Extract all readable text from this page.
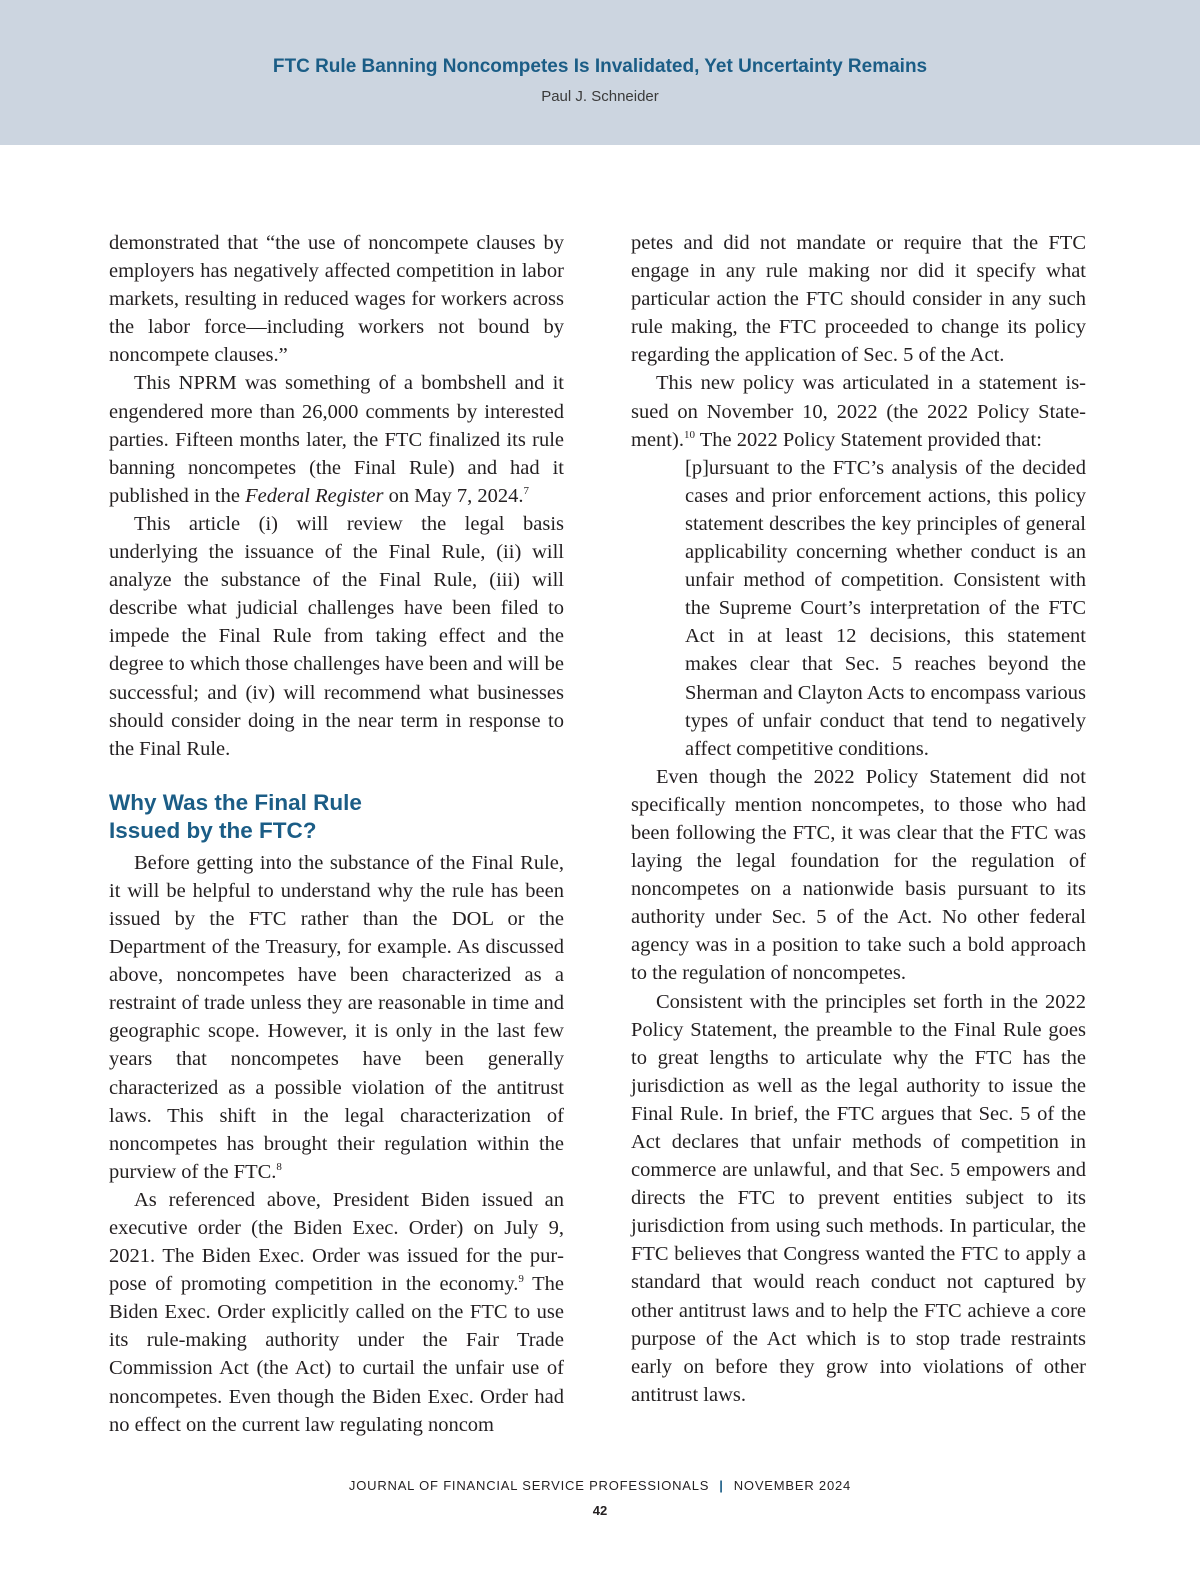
FTC Rule Banning Noncompetes Is Invalidated, Yet Uncertainty Remains
Paul J. Schneider

demonstrated that “the use of noncompete clauses by employers has negatively affected competition in labor markets, resulting in reduced wages for workers across the labor force—including workers not bound by noncompete clauses.”

This NPRM was something of a bombshell and it engendered more than 26,000 comments by interested parties. Fifteen months later, the FTC finalized its rule banning noncompetes (the Final Rule) and had it published in the Federal Register on May 7, 2024.$^7$

This article (i) will review the legal basis underlying the issuance of the Final Rule, (ii) will analyze the substance of the Final Rule, (iii) will describe what judicial challenges have been filed to impede the Final Rule from taking effect and the degree to which those challenges have been and will be successful; and (iv) will recommend what businesses should consider doing in the near term in response to the Final Rule.

Why Was the Final Rule
Issued by the FTC?

Before getting into the substance of the Final Rule, it will be helpful to understand why the rule has been issued by the FTC rather than the DOL or the Department of the Treasury, for example. As discussed above, noncompetes have been characterized as a restraint of trade unless they are reasonable in time and geographic scope. However, it is only in the last few years that noncompetes have been generally characterized as a possible violation of the antitrust laws. This shift in the legal characterization of noncompetes has brought their regulation within the purview of the FTC.$^8$

As referenced above, President Biden issued an executive order (the Biden Exec. Order) on July 9, 2021. The Biden Exec. Order was issued for the purpose of promoting competition in the economy.$^9$ The Biden Exec. Order explicitly called on the FTC to use its rule-making authority under the Fair Trade Commission Act (the Act) to curtail the unfair use of noncompetes. Even though the Biden Exec. Order had no effect on the current law regulating noncom

petes and did not mandate or require that the FTC engage in any rule making nor did it specify what particular action the FTC should consider in any such rule making, the FTC proceeded to change its policy regarding the application of Sec. 5 of the Act.

This new policy was articulated in a statement issued on November 10, 2022 (the 2022 Policy Statement).$^{10}$ The 2022 Policy Statement provided that:

[p]ursuant to the FTC’s analysis of the decided cases and prior enforcement actions, this policy statement describes the key principles of general applicability concerning whether conduct is an unfair method of competition. Consistent with the Supreme Court’s interpretation of the FTC Act in at least 12 decisions, this statement makes clear that Sec. 5 reaches beyond the Sherman and Clayton Acts to encompass various types of unfair conduct that tend to negatively affect competitive conditions.

Even though the 2022 Policy Statement did not specifically mention noncompetes, to those who had been following the FTC, it was clear that the FTC was laying the legal foundation for the regulation of noncompetes on a nationwide basis pursuant to its authority under Sec. 5 of the Act. No other federal agency was in a position to take such a bold approach to the regulation of noncompetes.

Consistent with the principles set forth in the 2022 Policy Statement, the preamble to the Final Rule goes to great lengths to articulate why the FTC has the jurisdiction as well as the legal authority to issue the Final Rule. In brief, the FTC argues that Sec. 5 of the Act declares that unfair methods of competition in commerce are unlawful, and that Sec. 5 empowers and directs the FTC to prevent entities subject to its jurisdiction from using such methods. In particular, the FTC believes that Congress wanted the FTC to apply a standard that would reach conduct not captured by other antitrust laws and to help the FTC achieve a core purpose of the Act which is to stop trade restraints early on before they grow into violations of other antitrust laws.

JOURNAL OF FINANCIAL SERVICE PROFESSIONALS | NOVEMBER 2024
42
